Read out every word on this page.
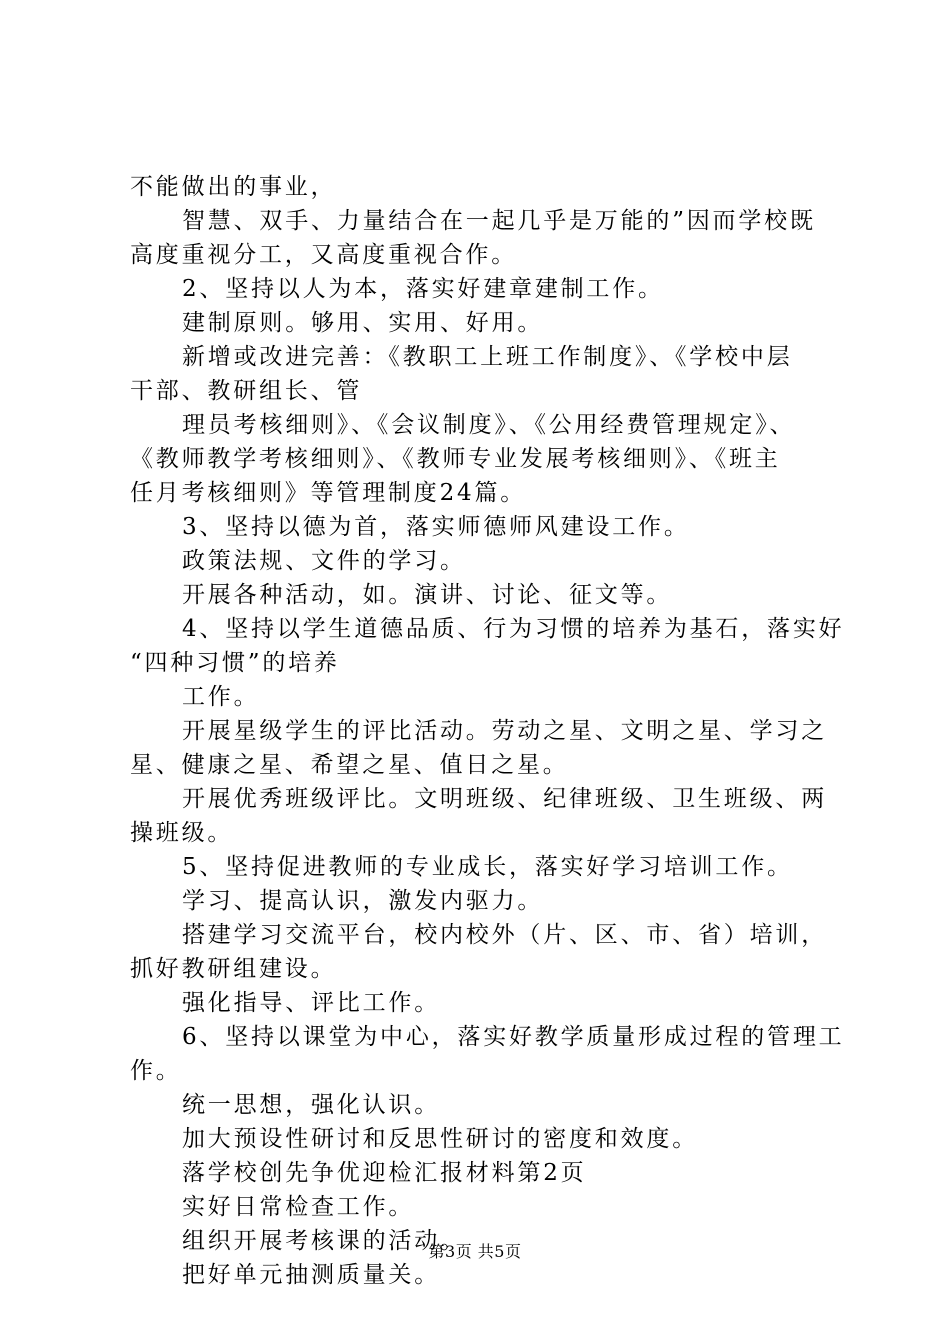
不能做出的事业，
智慧、双手、力量结合在一起几乎是万能的”因而学校既
高度重视分工，又高度重视合作。
2、坚持以人为本，落实好建章建制工作。
建制原则。够用、实用、好用。
新增或改进完善：《教职工上班工作制度》、《学校中层
干部、教研组长、管
理员考核细则》、《会议制度》、《公用经费管理规定》、
《教师教学考核细则》、《教师专业发展考核细则》、《班主
任月考核细则》等管理制度24篇。
3、坚持以德为首，落实师德师风建设工作。
政策法规、文件的学习。
开展各种活动，如。演讲、讨论、征文等。
4、坚持以学生道德品质、行为习惯的培养为基石，落实好
“四种习惯”的培养
工作。
开展星级学生的评比活动。劳动之星、文明之星、学习之
星、健康之星、希望之星、值日之星。
开展优秀班级评比。文明班级、纪律班级、卫生班级、两
操班级。
5、坚持促进教师的专业成长，落实好学习培训工作。
学习、提高认识，激发内驱力。
搭建学习交流平台，校内校外（片、区、市、省）培训，
抓好教研组建设。
强化指导、评比工作。
6、坚持以课堂为中心，落实好教学质量形成过程的管理工
作。
统一思想，强化认识。
加大预设性研讨和反思性研讨的密度和效度。
落学校创先争优迎检汇报材料第2页
实好日常检查工作。
组织开展考核课的活动。
把好单元抽测质量关。
第3页 共5页
